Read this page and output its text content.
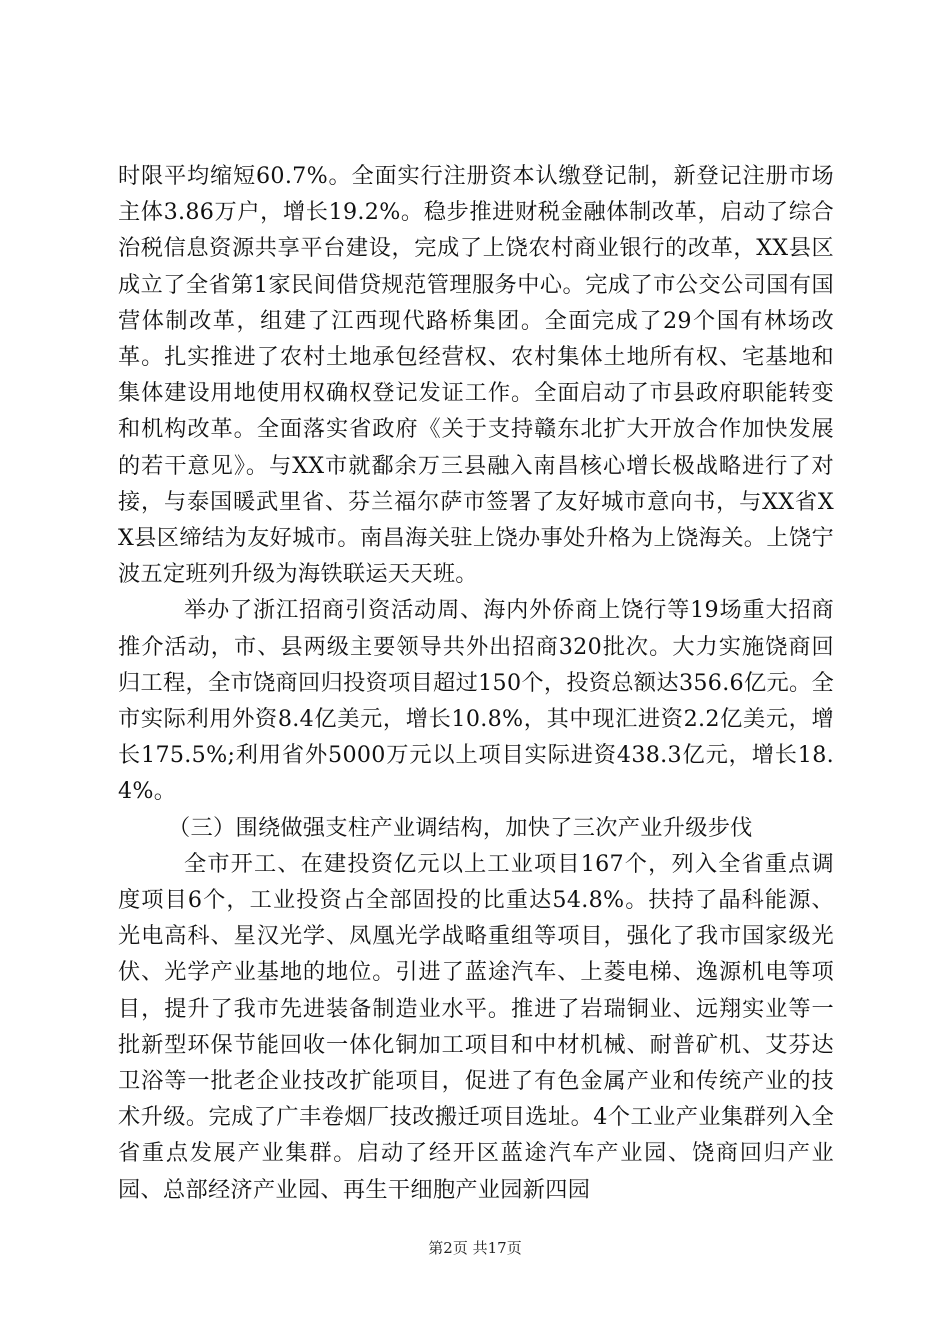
时限平均缩短60.7%。全面实行注册资本认缴登记制，新登记注册市场主体3.86万户，增长19.2%。稳步推进财税金融体制改革，启动了综合治税信息资源共享平台建设，完成了上饶农村商业银行的改革，XX县区成立了全省第1家民间借贷规范管理服务中心。完成了市公交公司国有国营体制改革，组建了江西现代路桥集团。全面完成了29个国有林场改革。扎实推进了农村土地承包经营权、农村集体土地所有权、宅基地和集体建设用地使用权确权登记发证工作。全面启动了市县政府职能转变和机构改革。全面落实省政府《关于支持赣东北扩大开放合作加快发展的若干意见》。与XX市就鄱余万三县融入南昌核心增长极战略进行了对接，与泰国暖武里省、芬兰福尔萨市签署了友好城市意向书，与XX省XX县区缔结为友好城市。南昌海关驻上饶办事处升格为上饶海关。上饶宁波五定班列升级为海铁联运天天班。

举办了浙江招商引资活动周、海内外侨商上饶行等19场重大招商推介活动，市、县两级主要领导共外出招商320批次。大力实施饶商回归工程，全市饶商回归投资项目超过150个，投资总额达356.6亿元。全市实际利用外资8.4亿美元，增长10.8%，其中现汇进资2.2亿美元，增长175.5%;利用省外5000万元以上项目实际进资438.3亿元，增长18.4%。

（三）围绕做强支柱产业调结构，加快了三次产业升级步伐

全市开工、在建投资亿元以上工业项目167个，列入全省重点调度项目6个，工业投资占全部固投的比重达54.8%。扶持了晶科能源、光电高科、星汉光学、凤凰光学战略重组等项目，强化了我市国家级光伏、光学产业基地的地位。引进了蓝途汽车、上菱电梯、逸源机电等项目，提升了我市先进装备制造业水平。推进了岩瑞铜业、远翔实业等一批新型环保节能回收一体化铜加工项目和中材机械、耐普矿机、艾芬达卫浴等一批老企业技改扩能项目，促进了有色金属产业和传统产业的技术升级。完成了广丰卷烟厂技改搬迁项目选址。4个工业产业集群列入全省重点发展产业集群。启动了经开区蓝途汽车产业园、饶商回归产业园、总部经济产业园、再生干细胞产业园新四园

第2页 共17页
